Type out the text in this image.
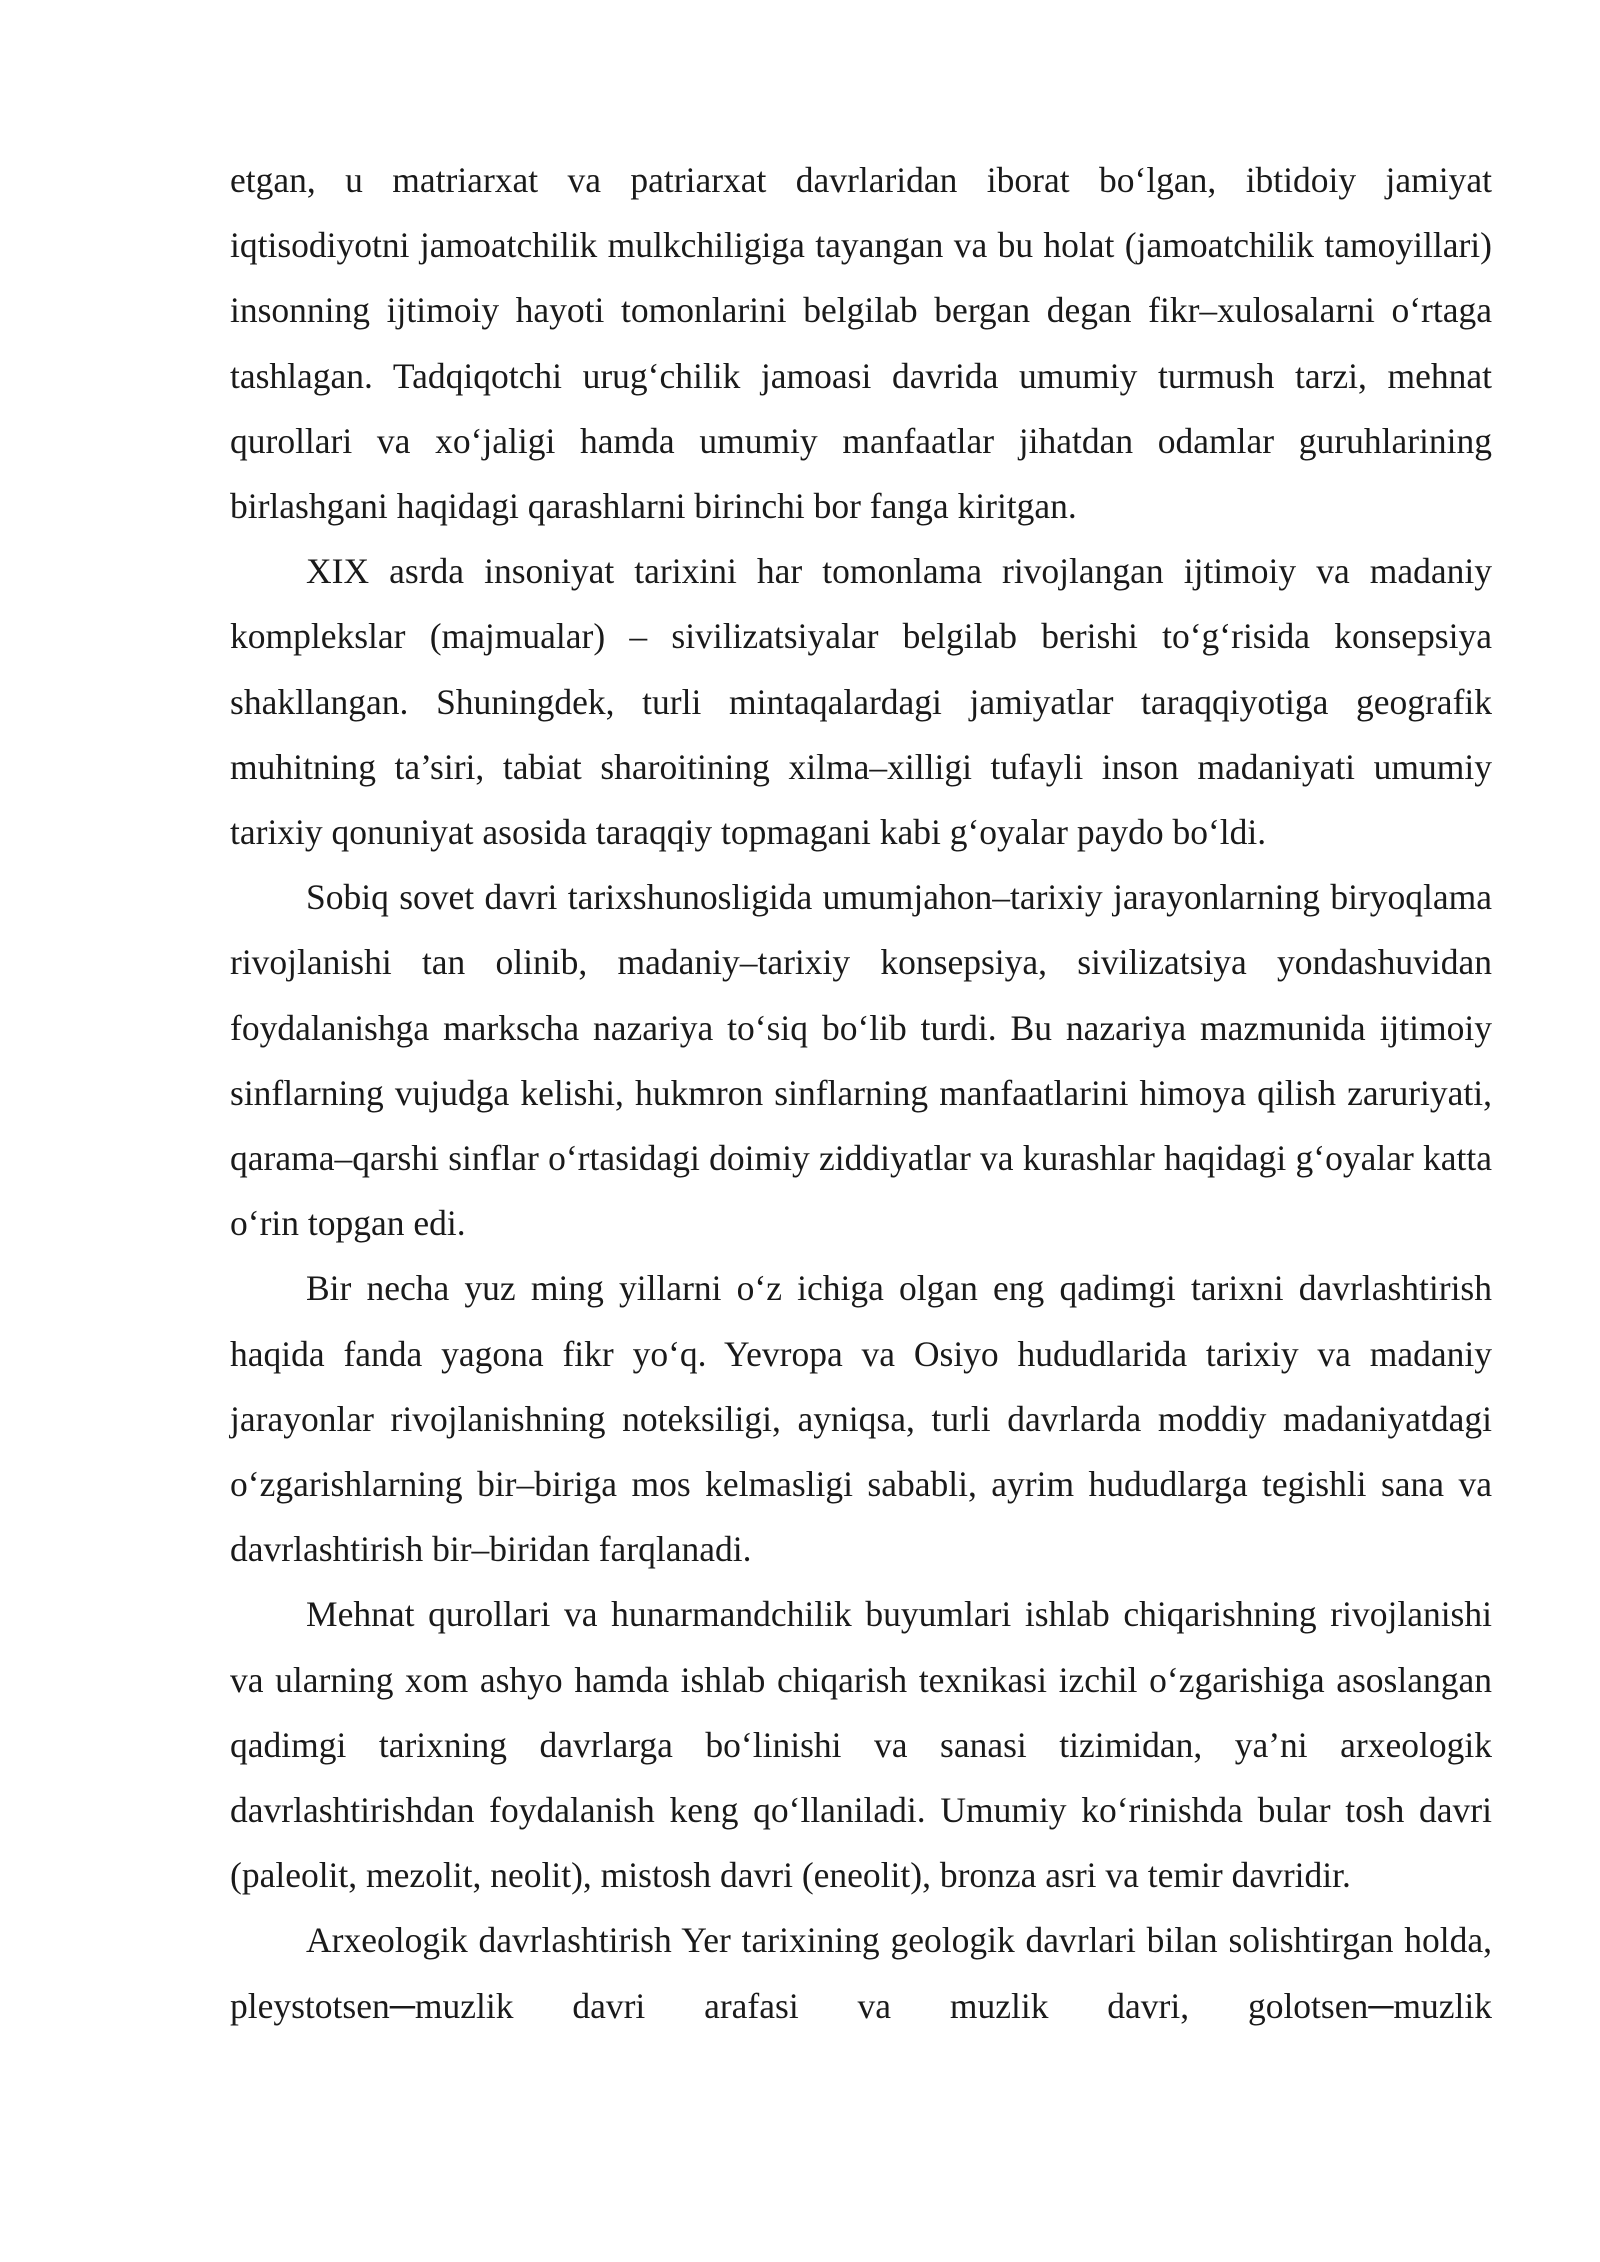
etgan, u matriarxat va patriarxat davrlaridan iborat bo‘lgan, ibtidoiy jamiyat iqtisodiyotni jamoatchilik mulkchiligiga tayangan va bu holat (jamoatchilik tamoyillari) insonning ijtimoiy hayoti tomonlarini belgilab bergan degan fikr–xulosalarni o‘rtaga tashlagan. Tadqiqotchi urug‘chilik jamoasi davrida umumiy turmush tarzi, mehnat qurollari va xo‘jaligi hamda umumiy manfaatlar jihatdan odamlar guruhlarining birlashgani haqidagi qarashlarni birinchi bor fanga kiritgan.

XIX asrda insoniyat tarixini har tomonlama rivojlangan ijtimoiy va madaniy komplekslar (majmualar) – sivilizatsiyalar belgilab berishi to‘g‘risida konsepsiya shakllangan. Shuningdek, turli mintaqalardagi jamiyatlar taraqqiyotiga geografik muhitning ta’siri, tabiat sharoitining xilma–xilligi tufayli inson madaniyati umumiy tarixiy qonuniyat asosida taraqqiy topmagani kabi g‘oyalar paydo bo‘ldi.

Sobiq sovet davri tarixshunosligida umumjahon–tarixiy jarayonlarning biryoqlama rivojlanishi tan olinib, madaniy–tarixiy konsepsiya, sivilizatsiya yondashuvidan foydalanishga markscha nazariya to‘siq bo‘lib turdi. Bu nazariya mazmunida ijtimoiy sinflarning vujudga kelishi, hukmron sinflarning manfaatlarini himoya qilish zaruriyati, qarama–qarshi sinflar o‘rtasidagi doimiy ziddiyatlar va kurashlar haqidagi g‘oyalar katta o‘rin topgan edi.

Bir necha yuz ming yillarni o‘z ichiga olgan eng qadimgi tarixni davrlashtirish haqida fanda yagona fikr yo‘q. Yevropa va Osiyo hududlarida tarixiy va madaniy jarayonlar rivojlanishning noteksiligi, ayniqsa, turli davrlarda moddiy madaniyatdagi o‘zgarishlarning bir–biriga mos kelmasligi sababli, ayrim hududlarga tegishli sana va davrlashtirish bir–biridan farqlanadi.

Mehnat qurollari va hunarmandchilik buyumlari ishlab chiqarishning rivojlanishi va ularning xom ashyo hamda ishlab chiqarish texnikasi izchil o‘zgarishiga asoslangan qadimgi tarixning davrlarga bo‘linishi va sanasi tizimidan, ya’ni arxeologik davrlashtirishdan foydalanish keng qo‘llaniladi. Umumiy ko‘rinishda bular tosh davri (paleolit, mezolit, neolit), mistosh davri (eneolit), bronza asri va temir davridir.

Arxeologik davrlashtirish Yer tarixining geologik davrlari bilan solishtirgan holda, pleystotsen─muzlik davri arafasi va muzlik davri, golotsen─muzlik
